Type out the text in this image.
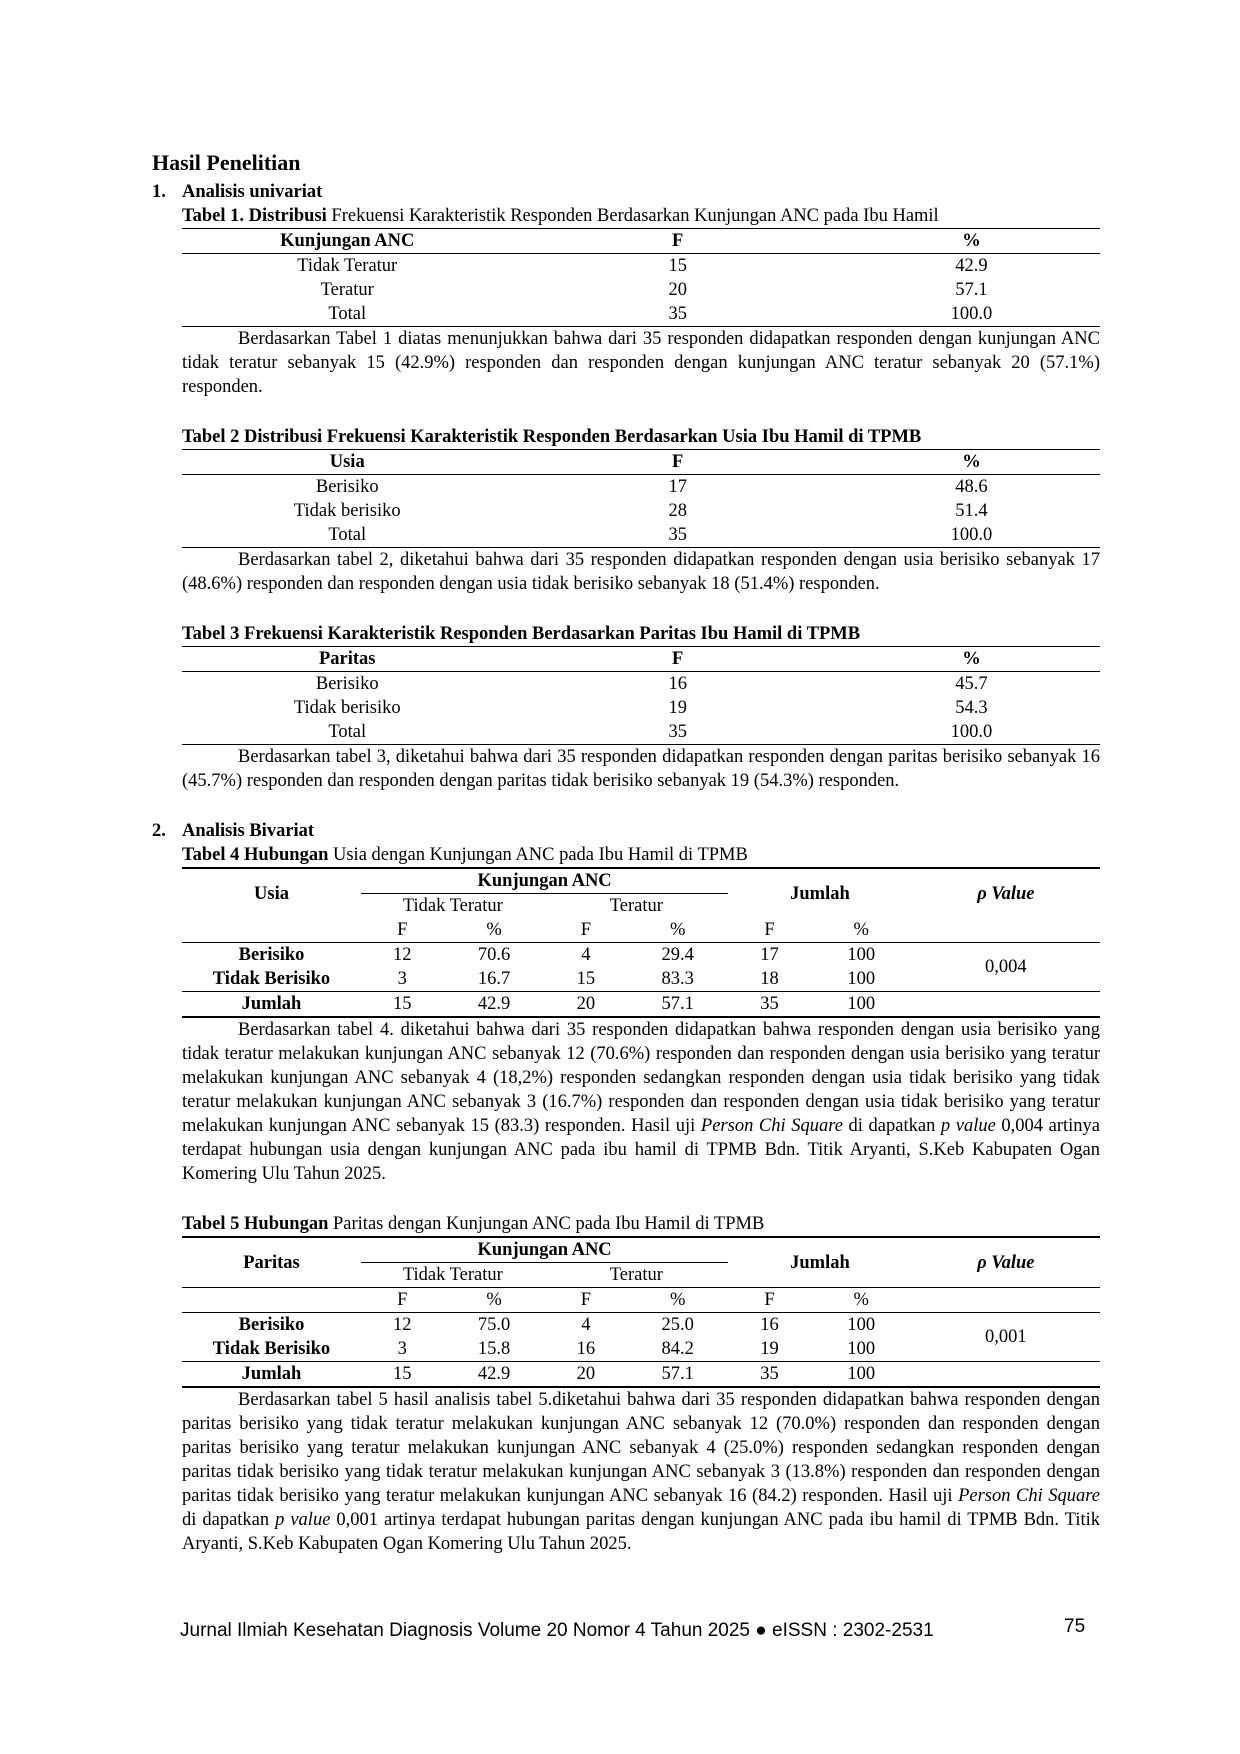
Hasil Penelitian
1. Analisis univariat

Tabel 1. Distribusi Frekuensi Karakteristik Responden Berdasarkan Kunjungan ANC pada Ibu Hamil

Kunjungan ANC	F	%
Tidak Teratur	15	42.9
Teratur	20	57.1
Total	35	100.0

Berdasarkan Tabel 1 diatas menunjukkan bahwa dari 35 responden didapatkan responden dengan kunjungan ANC tidak teratur sebanyak 15 (42.9%) responden dan responden dengan kunjungan ANC teratur sebanyak 20 (57.1%) responden.

Tabel 2 Distribusi Frekuensi Karakteristik Responden Berdasarkan Usia Ibu Hamil di TPMB

Usia	F	%
Berisiko	17	48.6
Tidak berisiko	28	51.4
Total	35	100.0

Berdasarkan tabel 2, diketahui bahwa dari 35 responden didapatkan responden dengan usia berisiko sebanyak 17 (48.6%) responden dan responden dengan usia tidak berisiko sebanyak 18 (51.4%) responden.

Tabel 3 Frekuensi Karakteristik Responden Berdasarkan Paritas Ibu Hamil di TPMB

Paritas	F	%
Berisiko	16	45.7
Tidak berisiko	19	54.3
Total	35	100.0

Berdasarkan tabel 3, diketahui bahwa dari 35 responden didapatkan responden dengan paritas berisiko sebanyak 16 (45.7%) responden dan responden dengan paritas tidak berisiko sebanyak 19 (54.3%) responden.

2. Analisis Bivariat

Tabel 4 Hubungan Usia dengan Kunjungan ANC pada Ibu Hamil di TPMB

Usia	Kunjungan ANC				Jumlah		ρ Value
	Tidak Teratur		Teratur				
	F	%	F	%	F	%	
Berisiko	12	70.6	4	29.4	17	100	0,004
Tidak Berisiko	3	16.7	15	83.3	18	100	
Jumlah	15	42.9	20	57.1	35	100	

Berdasarkan tabel 4. diketahui bahwa dari 35 responden didapatkan bahwa responden dengan usia berisiko yang tidak teratur melakukan kunjungan ANC sebanyak 12 (70.6%) responden dan responden dengan usia berisiko yang teratur melakukan kunjungan ANC sebanyak 4 (18,2%) responden sedangkan responden dengan usia tidak berisiko yang tidak teratur melakukan kunjungan ANC sebanyak 3 (16.7%) responden dan responden dengan usia tidak berisiko yang teratur melakukan kunjungan ANC sebanyak 15 (83.3) responden. Hasil uji Person Chi Square di dapatkan p value 0,004 artinya terdapat hubungan usia dengan kunjungan ANC pada ibu hamil di TPMB Bdn. Titik Aryanti, S.Keb Kabupaten Ogan Komering Ulu Tahun 2025.

Tabel 5 Hubungan Paritas dengan Kunjungan ANC pada Ibu Hamil di TPMB

Paritas	Kunjungan ANC				Jumlah		ρ Value
	Tidak Teratur		Teratur				
	F	%	F	%	F	%	
Berisiko	12	75.0	4	25.0	16	100	0,001
Tidak Berisiko	3	15.8	16	84.2	19	100	
Jumlah	15	42.9	20	57.1	35	100	

Berdasarkan tabel 5 hasil analisis tabel 5.diketahui bahwa dari 35 responden didapatkan bahwa responden dengan paritas berisiko yang tidak teratur melakukan kunjungan ANC sebanyak 12 (70.0%) responden dan responden dengan paritas berisiko yang teratur melakukan kunjungan ANC sebanyak 4 (25.0%) responden sedangkan responden dengan paritas tidak berisiko yang tidak teratur melakukan kunjungan ANC sebanyak 3 (13.8%) responden dan responden dengan paritas tidak berisiko yang teratur melakukan kunjungan ANC sebanyak 16 (84.2) responden. Hasil uji Person Chi Square di dapatkan p value 0,001 artinya terdapat hubungan paritas dengan kunjungan ANC pada ibu hamil di TPMB Bdn. Titik Aryanti, S.Keb Kabupaten Ogan Komering Ulu Tahun 2025.

Jurnal Ilmiah Kesehatan Diagnosis Volume 20 Nomor 4 Tahun 2025 ● eISSN : 2302-2531	75
